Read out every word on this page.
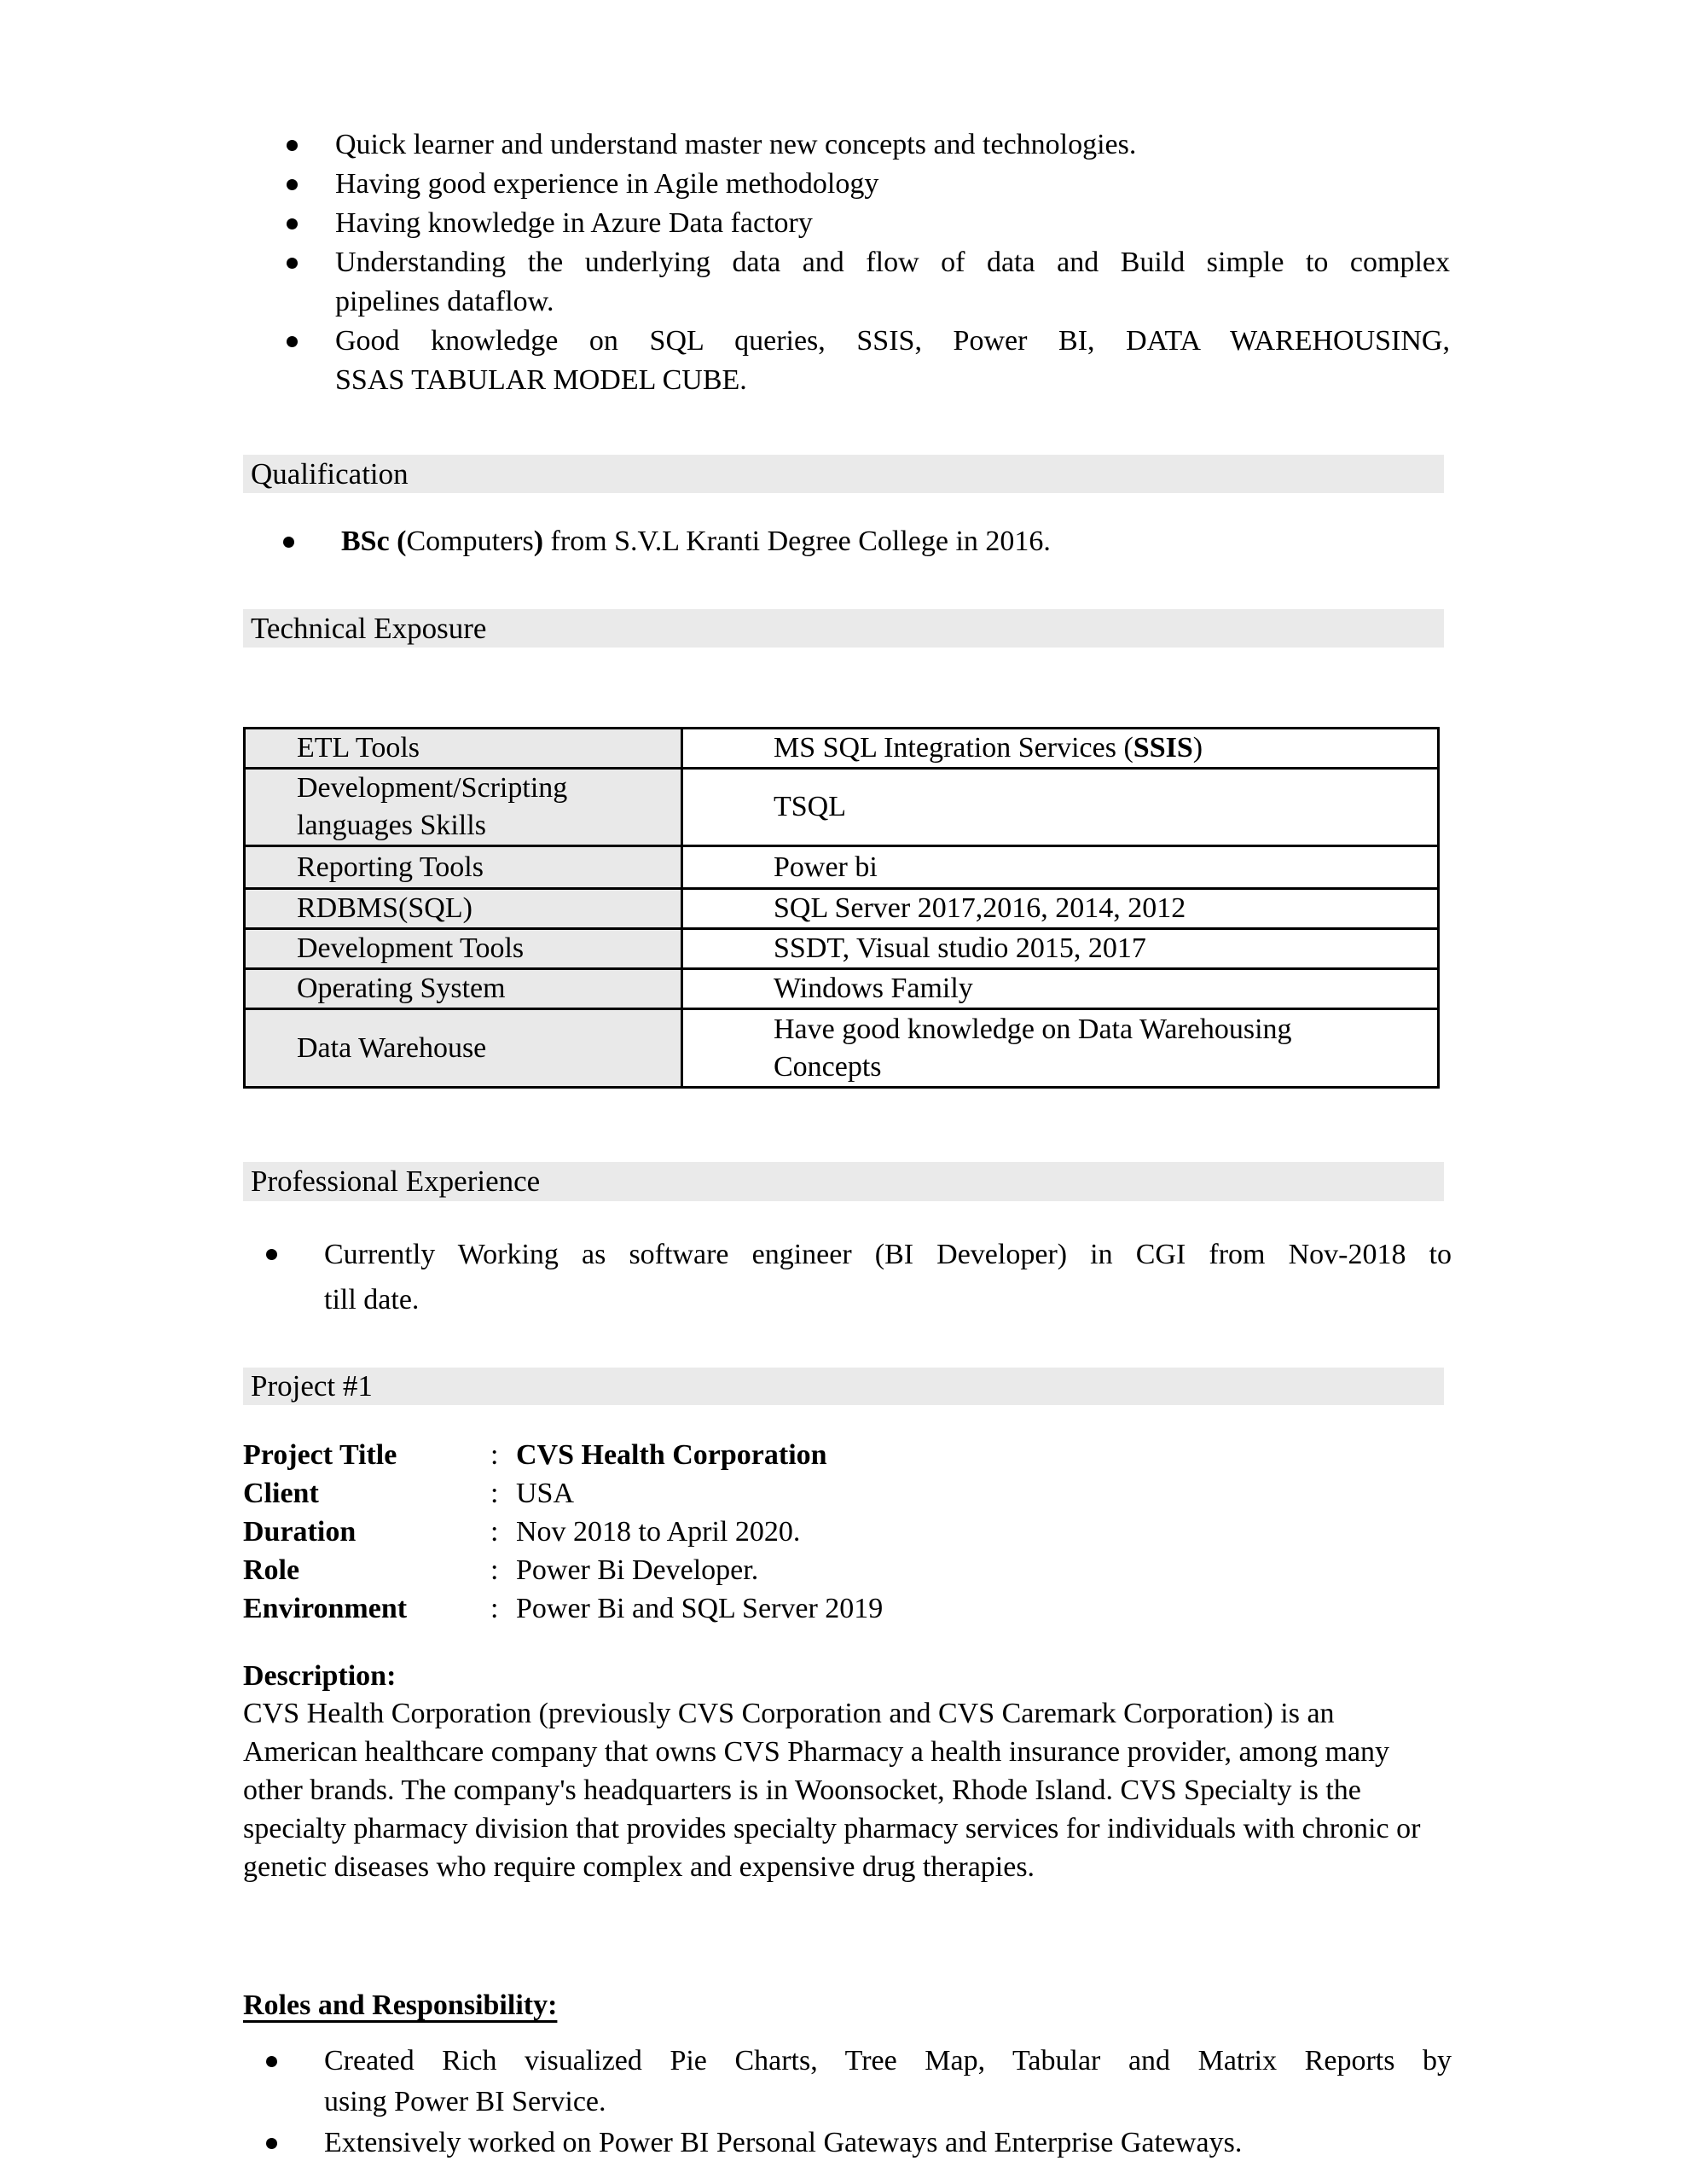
Quick learner and understand master new concepts and technologies.
Having good experience in Agile methodology
Having knowledge in Azure Data factory
Understanding the underlying data and flow of data and Build simple to complex
pipelines dataflow.
Good knowledge on SQL queries, SSIS, Power BI, DATA WAREHOUSING,
SSAS TABULAR MODEL CUBE.
Qualification
BSc (Computers) from S.V.L Kranti Degree College in 2016.
Technical Exposure
ETL Tools	MS SQL Integration Services (SSIS)
Development/Scripting languages Skills	TSQL
Reporting Tools	Power bi
RDBMS(SQL)	SQL Server 2017,2016, 2014, 2012
Development Tools	SSDT, Visual studio 2015, 2017
Operating System	Windows Family
Data Warehouse	Have good knowledge on Data Warehousing Concepts
Professional Experience
Currently Working as software engineer (BI Developer) in CGI from Nov-2018 to
till date.
Project #1
Project Title	: CVS Health Corporation
Client	: USA
Duration	: Nov 2018 to April 2020.
Role	: Power Bi Developer.
Environment	: Power Bi and SQL Server 2019
Description:
CVS Health Corporation (previously CVS Corporation and CVS Caremark Corporation) is an American healthcare company that owns CVS Pharmacy a health insurance provider, among many other brands. The company's headquarters is in Woonsocket, Rhode Island. CVS Specialty is the specialty pharmacy division that provides specialty pharmacy services for individuals with chronic or genetic diseases who require complex and expensive drug therapies.
Roles and Responsibility:
Created Rich visualized Pie Charts, Tree Map, Tabular and Matrix Reports by
using Power BI Service.
Extensively worked on Power BI Personal Gateways and Enterprise Gateways.
